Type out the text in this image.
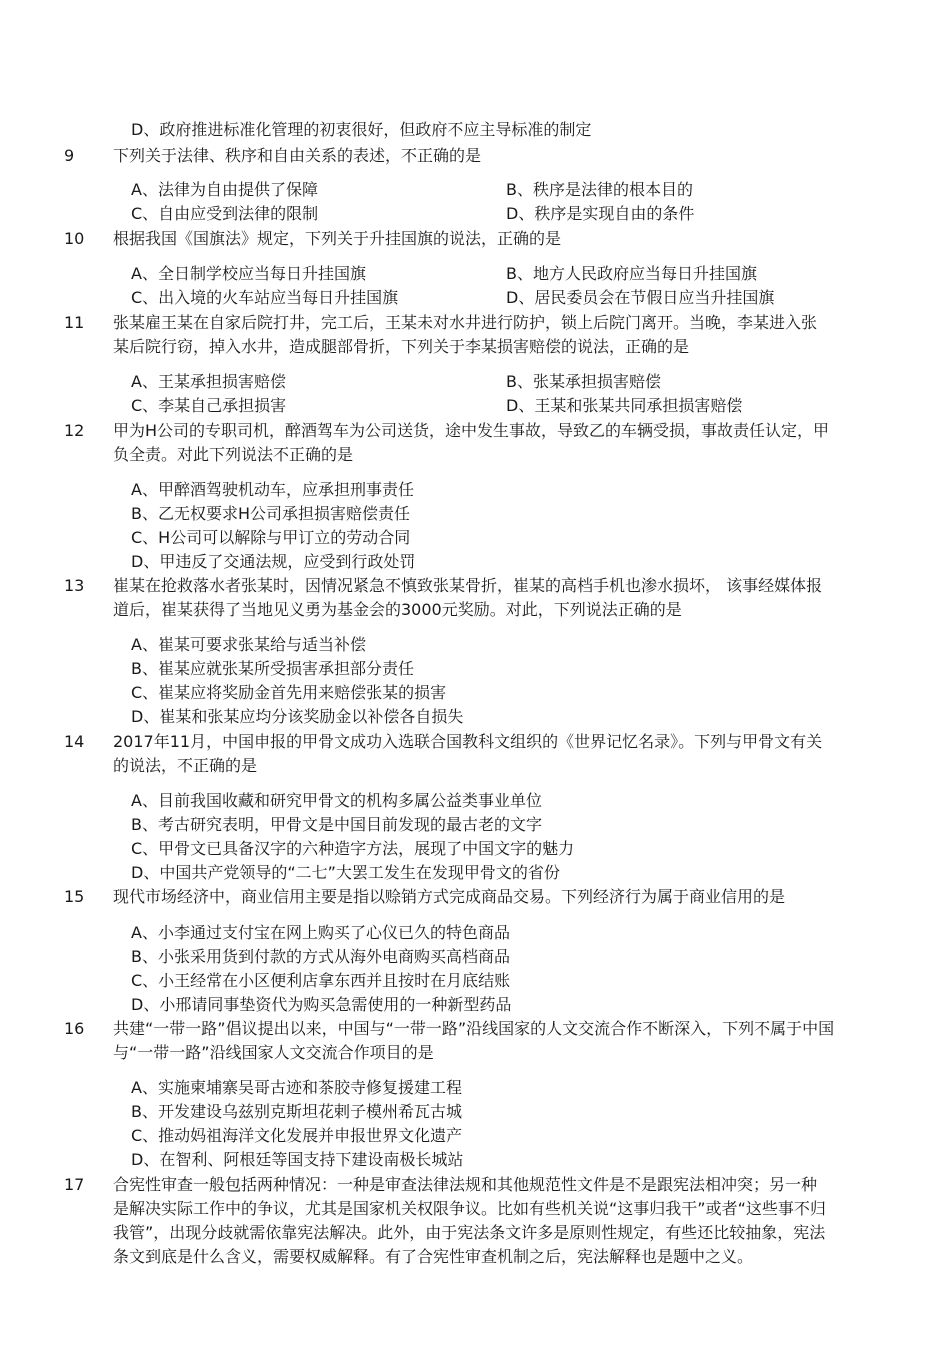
D、政府推进标准化管理的初衷很好，但政府不应主导标准的制定
9 下列关于法律、秩序和自由关系的表述，不正确的是
A、法律为自由提供了保障	B、秩序是法律的根本目的
C、自由应受到法律的限制	D、秩序是实现自由的条件
10 根据我国《国旗法》规定，下列关于升挂国旗的说法，正确的是
A、全日制学校应当每日升挂国旗	B、地方人民政府应当每日升挂国旗
C、出入境的火车站应当每日升挂国旗	D、居民委员会在节假日应当升挂国旗
11 张某雇王某在自家后院打井，完工后，王某未对水井进行防护，锁上后院门离开。当晚，李某进入张
某后院行窃，掉入水井，造成腿部骨折，下列关于李某损害赔偿的说法，正确的是
A、王某承担损害赔偿	B、张某承担损害赔偿
C、李某自己承担损害	D、王某和张某共同承担损害赔偿
12 甲为H公司的专职司机，醉酒驾车为公司送货，途中发生事故，导致乙的车辆受损，事故责任认定，甲
负全责。对此下列说法不正确的是
A、甲醉酒驾驶机动车，应承担刑事责任
B、乙无权要求H公司承担损害赔偿责任
C、H公司可以解除与甲订立的劳动合同
D、甲违反了交通法规，应受到行政处罚
13 崔某在抢救落水者张某时，因情况紧急不慎致张某骨折，崔某的高档手机也渗水损坏， 该事经媒体报
道后，崔某获得了当地见义勇为基金会的3000元奖励。对此，下列说法正确的是
A、崔某可要求张某给与适当补偿
B、崔某应就张某所受损害承担部分责任
C、崔某应将奖励金首先用来赔偿张某的损害
D、崔某和张某应均分该奖励金以补偿各自损失
14 2017年11月，中国申报的甲骨文成功入选联合国教科文组织的《世界记忆名录》。下列与甲骨文有关
的说法，不正确的是
A、目前我国收藏和研究甲骨文的机构多属公益类事业单位
B、考古研究表明，甲骨文是中国目前发现的最古老的文字
C、甲骨文已具备汉字的六种造字方法，展现了中国文字的魅力
D、中国共产党领导的“二七”大罢工发生在发现甲骨文的省份
15 现代市场经济中，商业信用主要是指以赊销方式完成商品交易。下列经济行为属于商业信用的是
A、小李通过支付宝在网上购买了心仪已久的特色商品
B、小张采用货到付款的方式从海外电商购买高档商品
C、小王经常在小区便利店拿东西并且按时在月底结账
D、小邢请同事垫资代为购买急需使用的一种新型药品
16 共建“一带一路”倡议提出以来，中国与“一带一路”沿线国家的人文交流合作不断深入，下列不属于中国
与“一带一路”沿线国家人文交流合作项目的是
A、实施柬埔寨吴哥古迹和茶胶寺修复援建工程
B、开发建设乌兹别克斯坦花剌子模州希瓦古城
C、推动妈祖海洋文化发展并申报世界文化遗产
D、在智利、阿根廷等国支持下建设南极长城站
17 合宪性审查一般包括两种情况：一种是审查法律法规和其他规范性文件是不是跟宪法相冲突；另一种
是解决实际工作中的争议，尤其是国家机关权限争议。比如有些机关说“这事归我干”或者“这些事不归
我管”，出现分歧就需依靠宪法解决。此外，由于宪法条文许多是原则性规定，有些还比较抽象，宪法
条文到底是什么含义，需要权威解释。有了合宪性审查机制之后，宪法解释也是题中之义。
